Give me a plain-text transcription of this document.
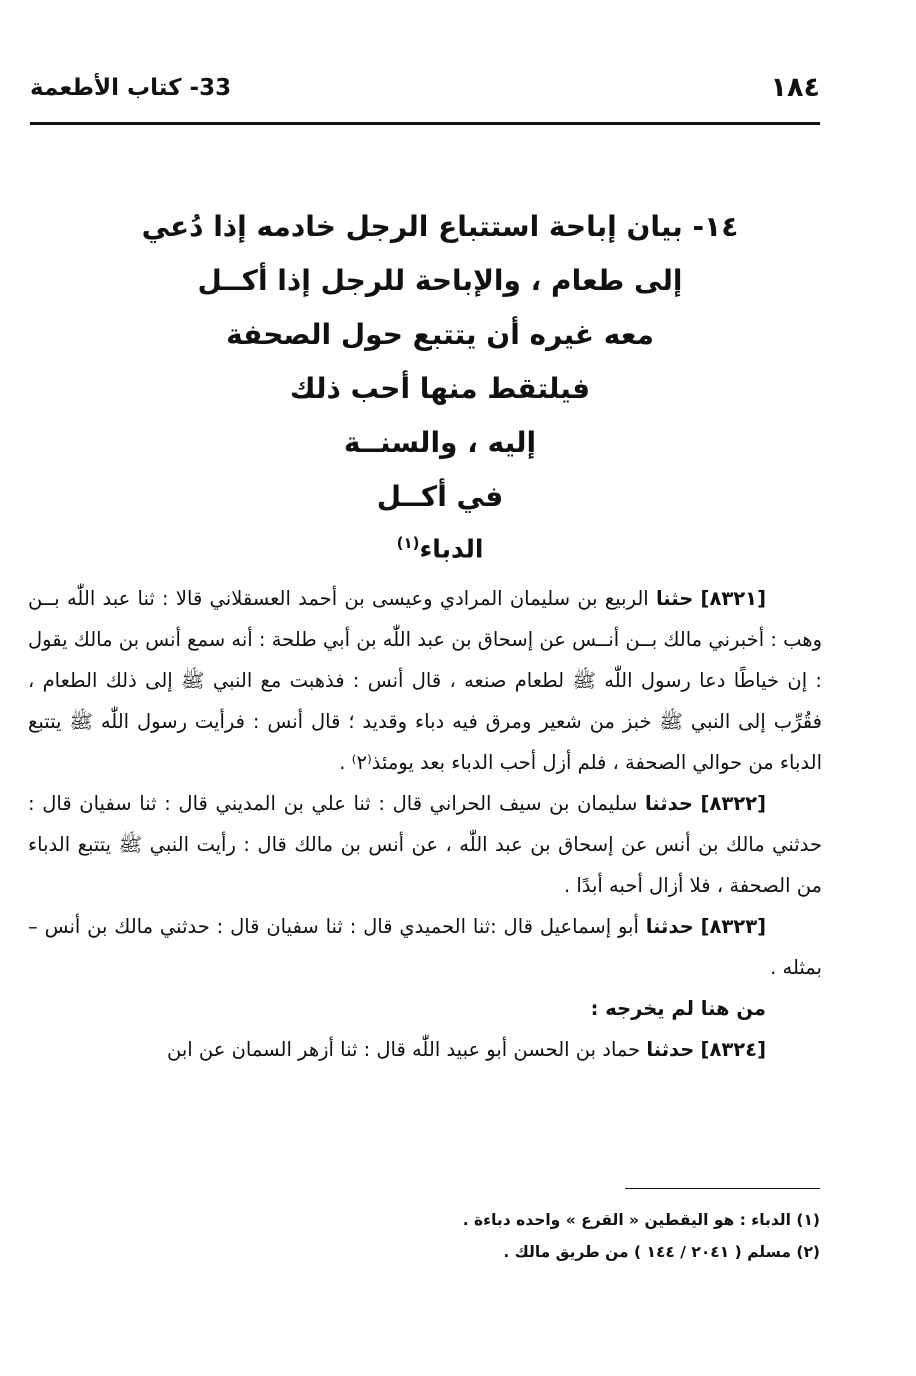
١٨٤
33- كتاب الأطعمة
١٤- بيان إباحة استتباع الرجل خادمه إذا دُعي
إلى طعام ، والإباحة للرجل إذا أكــل
معه غيره أن يتتبع حول الصحفة
فيلتقط منها أحب ذلك
إليه ، والسنــة
في أكــل
الدباء$^{(١)}$

[٨٣٢١] حثنا الربيع بن سليمان المرادي وعيسى بن أحمد العسقلاني قالا : ثنا عبد اللّٰه بــن وهب : أخبرني مالك بــن أنــس عن إسحاق بن عبد اللّٰه بن أبي طلحة : أنه سمع أنس بن مالك يقول : إن خياطًا دعا رسول اللّٰه ﷺ لطعام صنعه ، قال أنس : فذهبت مع النبي ﷺ إلى ذلك الطعام ، فقُرِّب إلى النبي ﷺ خبز من شعير ومرق فيه دباء وقديد ؛ قال أنس : فرأيت رسول اللّٰه ﷺ يتتبع الدباء من حوالي الصحفة ، فلم أزل أحب الدباء بعد يومئذ⁽٢⁾ .

[٨٣٢٢] حدثنا سليمان بن سيف الحراني قال : ثنا علي بن المديني قال : ثنا سفيان قال : حدثني مالك بن أنس عن إسحاق بن عبد اللّٰه ، عن أنس بن مالك قال : رأيت النبي ﷺ يتتبع الدباء من الصحفة ، فلا أزال أحبه أبدًا .

[٨٣٢٣] حدثنا أبو إسماعيل قال :ثنا الحميدي قال : ثنا سفيان قال : حدثني مالك بن أنس – بمثله .

من هنا لم يخرجه :

[٨٣٢٤] حدثنا حماد بن الحسن أبو عبيد اللّٰه قال : ثنا أزهر السمان عن ابن

(١) الدباء : هو اليقطين « القرع » واحده دباءة .

(٢) مسلم ( ٢٠٤١ / ١٤٤ ) من طريق مالك .
